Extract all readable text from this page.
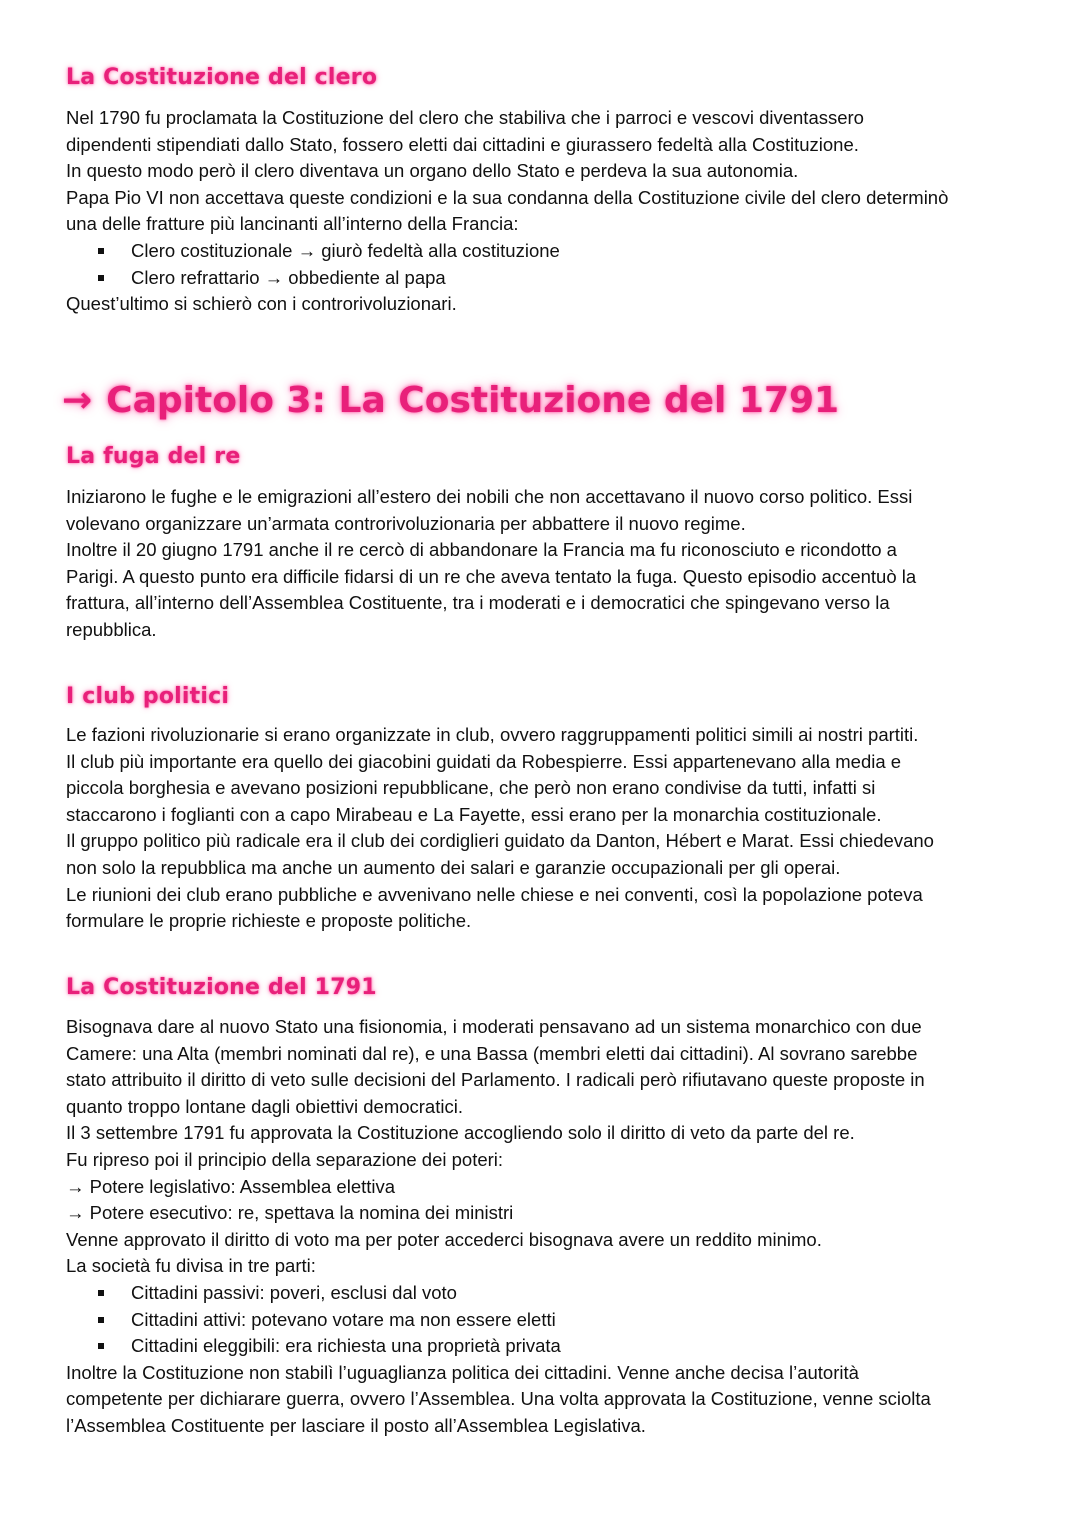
La Costituzione del clero

Nel 1790 fu proclamata la Costituzione del clero che stabiliva che i parroci e vescovi diventassero

dipendenti stipendiati dallo Stato, fossero eletti dai cittadini e giurassero fedeltà alla Costituzione.

In questo modo però il clero diventava un organo dello Stato e perdeva la sua autonomia.

Papa Pio VI non accettava queste condizioni e la sua condanna della Costituzione civile del clero determinò

una delle fratture più lancinanti all’interno della Francia:

Clero costituzionale → giurò fedeltà alla costituzione
Clero refrattario → obbediente al papa

Quest’ultimo si schierò con i controrivoluzionari.

→ Capitolo 3: La Costituzione del 1791
La fuga del re

Iniziarono le fughe e le emigrazioni all’estero dei nobili che non accettavano il nuovo corso politico. Essi

volevano organizzare un’armata controrivoluzionaria per abbattere il nuovo regime.

Inoltre il 20 giugno 1791 anche il re cercò di abbandonare la Francia ma fu riconosciuto e ricondotto a

Parigi. A questo punto era difficile fidarsi di un re che aveva tentato la fuga. Questo episodio accentuò la

frattura, all’interno dell’Assemblea Costituente, tra i moderati e i democratici che spingevano verso la

repubblica.

I club politici

Le fazioni rivoluzionarie si erano organizzate in club, ovvero raggruppamenti politici simili ai nostri partiti.

Il club più importante era quello dei giacobini guidati da Robespierre. Essi appartenevano alla media e

piccola borghesia e avevano posizioni repubblicane, che però non erano condivise da tutti, infatti si

staccarono i foglianti con a capo Mirabeau e La Fayette, essi erano per la monarchia costituzionale.

Il gruppo politico più radicale era il club dei cordiglieri guidato da Danton, Hébert e Marat. Essi chiedevano

non solo la repubblica ma anche un aumento dei salari e garanzie occupazionali per gli operai.

Le riunioni dei club erano pubbliche e avvenivano nelle chiese e nei conventi, così la popolazione poteva

formulare le proprie richieste e proposte politiche.

La Costituzione del 1791

Bisognava dare al nuovo Stato una fisionomia, i moderati pensavano ad un sistema monarchico con due

Camere: una Alta (membri nominati dal re), e una Bassa (membri eletti dai cittadini). Al sovrano sarebbe

stato attribuito il diritto di veto sulle decisioni del Parlamento. I radicali però rifiutavano queste proposte in

quanto troppo lontane dagli obiettivi democratici.

Il 3 settembre 1791 fu approvata la Costituzione accogliendo solo il diritto di veto da parte del re.

Fu ripreso poi il principio della separazione dei poteri:

→ Potere legislativo: Assemblea elettiva

→ Potere esecutivo: re, spettava la nomina dei ministri

Venne approvato il diritto di voto ma per poter accederci bisognava avere un reddito minimo.

La società fu divisa in tre parti:

Cittadini passivi: poveri, esclusi dal voto
Cittadini attivi: potevano votare ma non essere eletti
Cittadini eleggibili: era richiesta una proprietà privata

Inoltre la Costituzione non stabilì l’uguaglianza politica dei cittadini. Venne anche decisa l’autorità

competente per dichiarare guerra, ovvero l’Assemblea. Una volta approvata la Costituzione, venne sciolta

l’Assemblea Costituente per lasciare il posto all’Assemblea Legislativa.
